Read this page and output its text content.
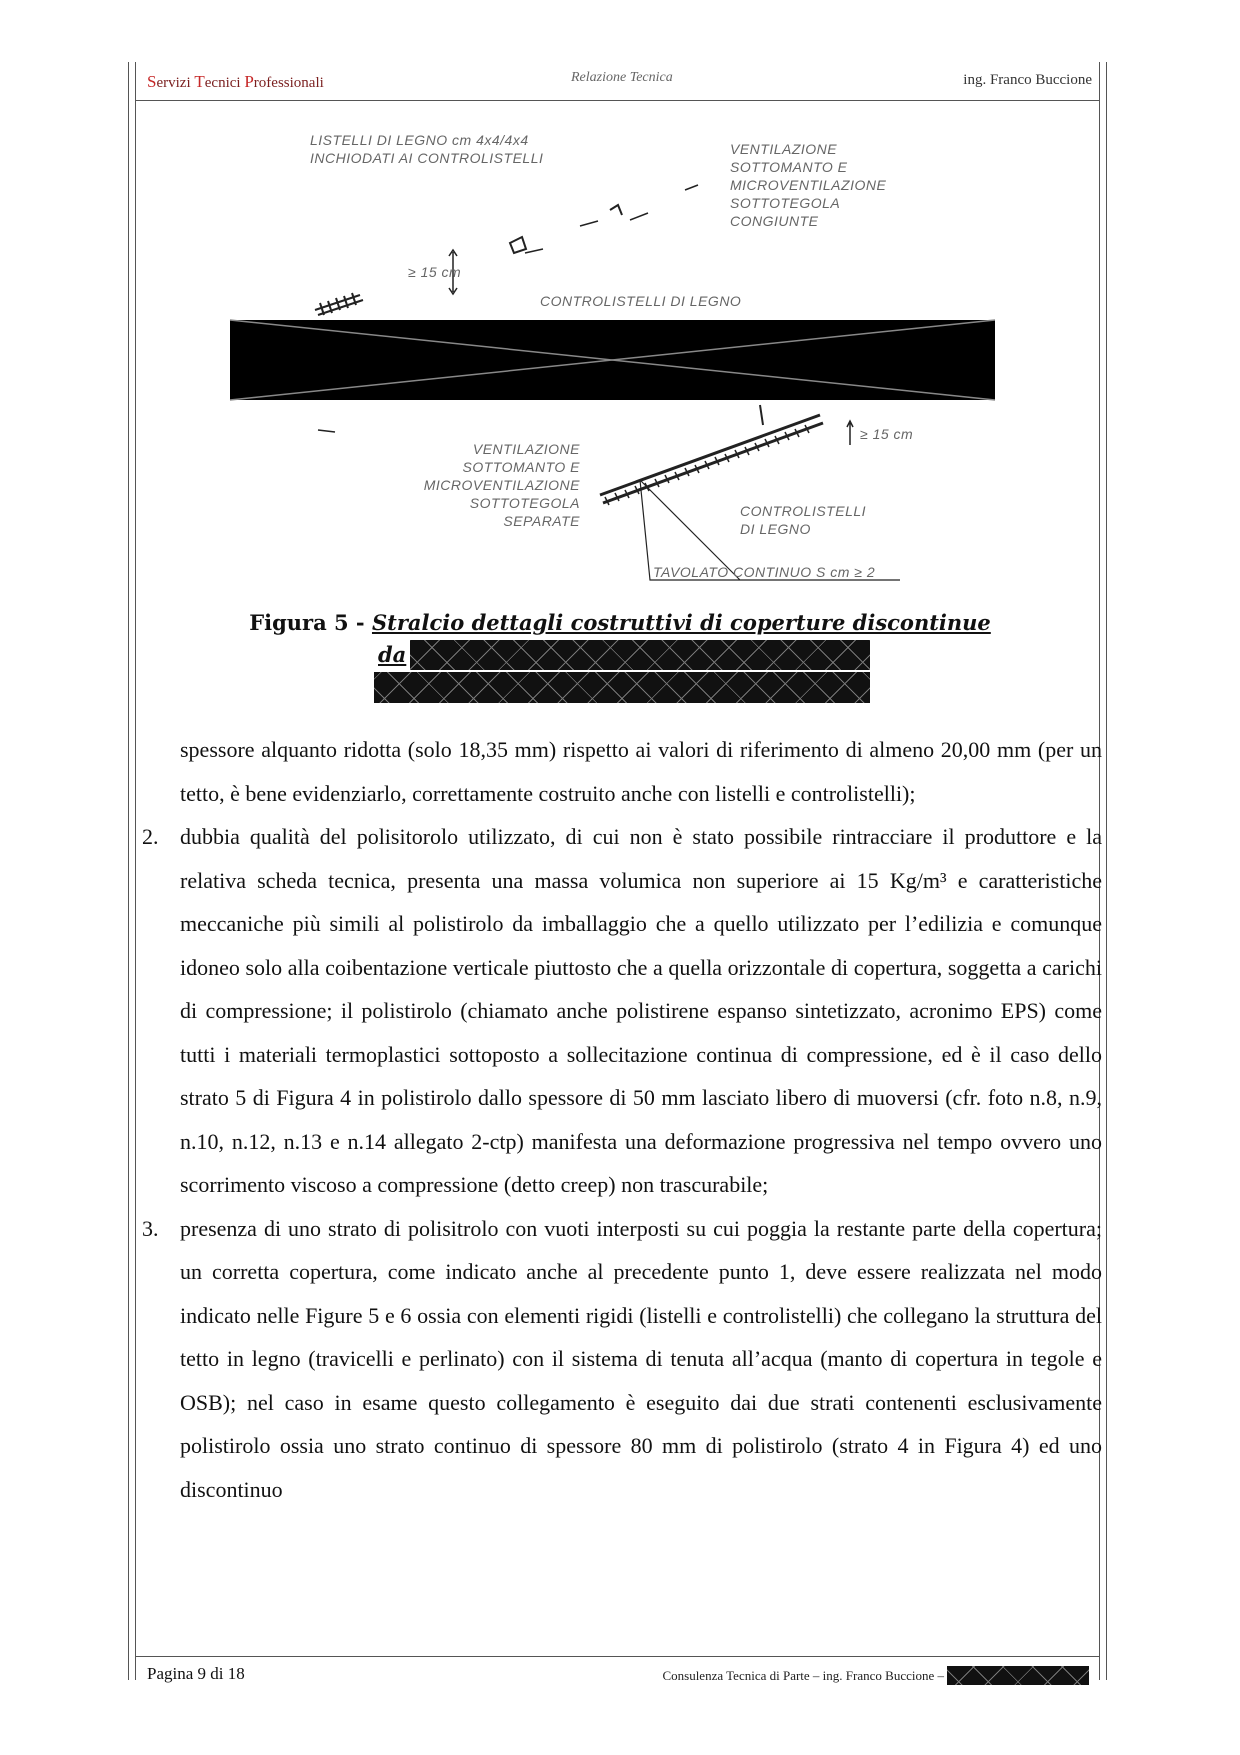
Servizi Tecnici Professionali	Relazione Tecnica	ing. Franco Buccione
LISTELLI DI LEGNO cm 4x4/4x4
INCHIODATI AI CONTROLISTELLI
VENTILAZIONE
SOTTOMANTO E
MICROVENTILAZIONE
SOTTOTEGOLA
CONGIUNTE
≥ 15 cm
CONTROLISTELLI DI LEGNO
VENTILAZIONE
SOTTOMANTO E
MICROVENTILAZIONE
SOTTOTEGOLA
SEPARATE
CONTROLISTELLI
DI LEGNO
≥ 15 cm
TAVOLATO CONTINUO S cm ≥ 2
Figura 5 - Stralcio dettagli costruttivi di coperture discontinue
da

spessore alquanto ridotta (solo 18,35 mm) rispetto ai valori di riferimento di almeno 20,00 mm (per un tetto, è bene evidenziarlo, correttamente costruito anche con listelli e controlistelli);

2. dubbia qualità del polisitorolo utilizzato, di cui non è stato possibile rintracciare il produttore e la relativa scheda tecnica, presenta una massa volumica non superiore ai 15 Kg/m³ e caratteristiche meccaniche più simili al polistirolo da imballaggio che a quello utilizzato per l’edilizia e comunque idoneo solo alla coibentazione verticale piuttosto che a quella orizzontale di copertura, soggetta a carichi di compressione; il polistirolo (chiamato anche polistirene espanso sintetizzato, acronimo EPS) come tutti i materiali termoplastici sottoposto a sollecitazione continua di compressione, ed è il caso dello strato 5 di Figura 4 in polistirolo dallo spessore di 50 mm lasciato libero di muoversi (cfr. foto n.8, n.9, n.10, n.12, n.13 e n.14 allegato 2-ctp) manifesta una deformazione progressiva nel tempo ovvero uno scorrimento viscoso a compressione (detto creep) non trascurabile;
3. presenza di uno strato di polisitrolo con vuoti interposti su cui poggia la restante parte della copertura; un corretta copertura, come indicato anche al precedente punto 1, deve essere realizzata nel modo indicato nelle Figure 5 e 6 ossia con elementi rigidi (listelli e controlistelli) che collegano la struttura del tetto in legno (travicelli e perlinato) con il sistema di tenuta all’acqua (manto di copertura in tegole e OSB); nel caso in esame questo collegamento è eseguito dai due strati contenenti esclusivamente polistirolo ossia uno strato continuo di spessore 80 mm di polistirolo (strato 4 in Figura 4) ed uno discontinuo
Pagina 9 di 18	Consulenza Tecnica di Parte – ing. Franco Buccione –
